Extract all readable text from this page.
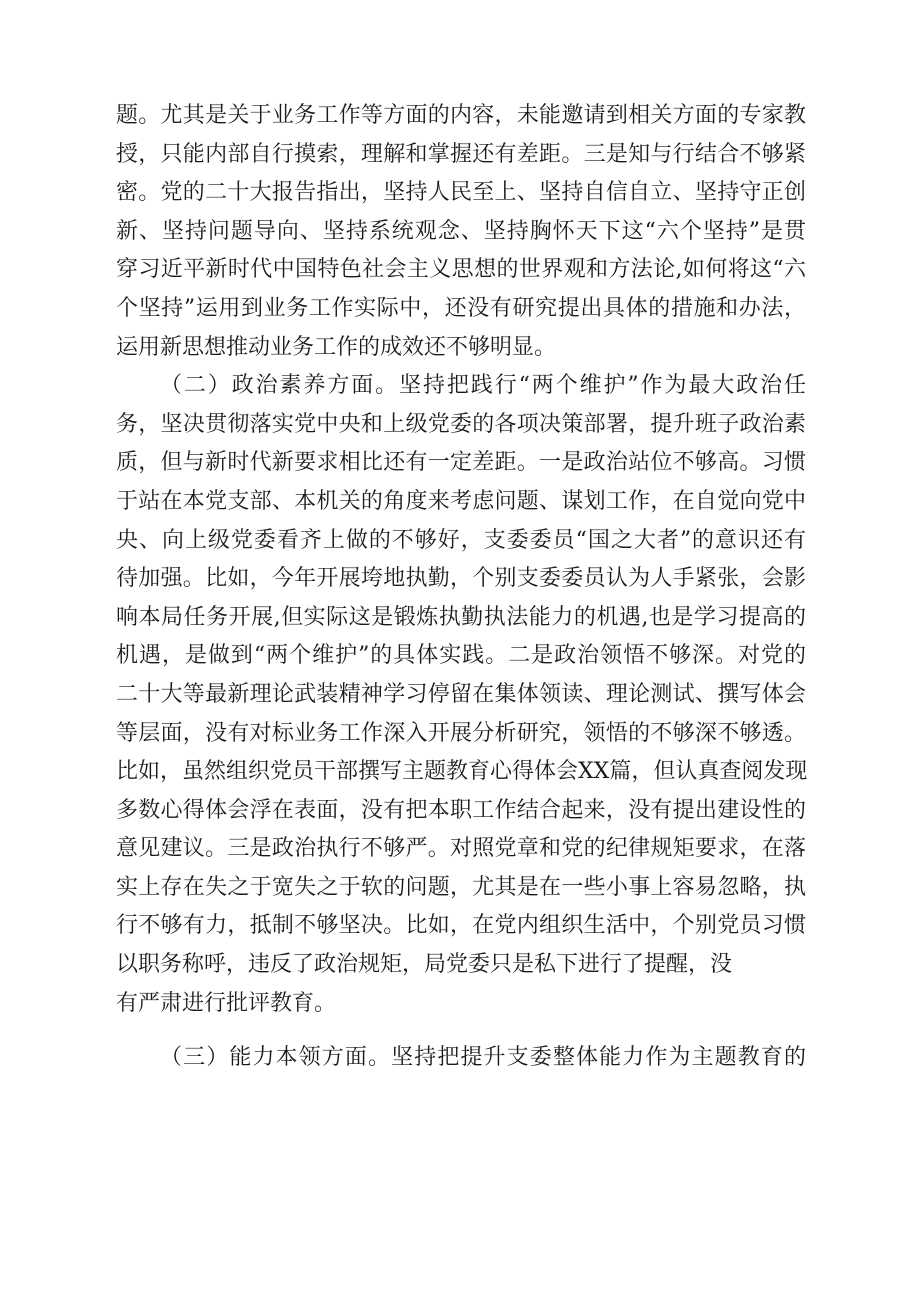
题。尤其是关于业务工作等方面的内容，未能邀请到相关方面的专家教
授，只能内部自行摸索，理解和掌握还有差距。三是知与行结合不够紧
密。党的二十大报告指出，坚持人民至上、坚持自信自立、坚持守正创
新、坚持问题导向、坚持系统观念、坚持胸怀天下这“六个坚持”是贯
穿习近平新时代中国特色社会主义思想的世界观和方法论,如何将这“六
个坚持”运用到业务工作实际中，还没有研究提出具体的措施和办法，
运用新思想推动业务工作的成效还不够明显。
（二）政治素养方面。坚持把践行“两个维护”作为最大政治任
务，坚决贯彻落实党中央和上级党委的各项决策部署，提升班子政治素
质，但与新时代新要求相比还有一定差距。一是政治站位不够高。习惯
于站在本党支部、本机关的角度来考虑问题、谋划工作，在自觉向党中
央、向上级党委看齐上做的不够好，支委委员“国之大者”的意识还有
待加强。比如，今年开展垮地执勤，个别支委委员认为人手紧张，会影
响本局任务开展,但实际这是锻炼执勤执法能力的机遇,也是学习提高的
机遇，是做到“两个维护”的具体实践。二是政治领悟不够深。对党的
二十大等最新理论武装精神学习停留在集体领读、理论测试、撰写体会
等层面，没有对标业务工作深入开展分析研究，领悟的不够深不够透。
比如，虽然组织党员干部撰写主题教育心得体会XX篇，但认真查阅发现
多数心得体会浮在表面，没有把本职工作结合起来，没有提出建设性的
意见建议。三是政治执行不够严。对照党章和党的纪律规矩要求，在落
实上存在失之于宽失之于软的问题，尤其是在一些小事上容易忽略，执
行不够有力，抵制不够坚决。比如，在党内组织生活中，个别党员习惯
以职务称呼，违反了政治规矩，局党委只是私下进行了提醒，没
有严肃进行批评教育。
（三）能力本领方面。坚持把提升支委整体能力作为主题教育的
